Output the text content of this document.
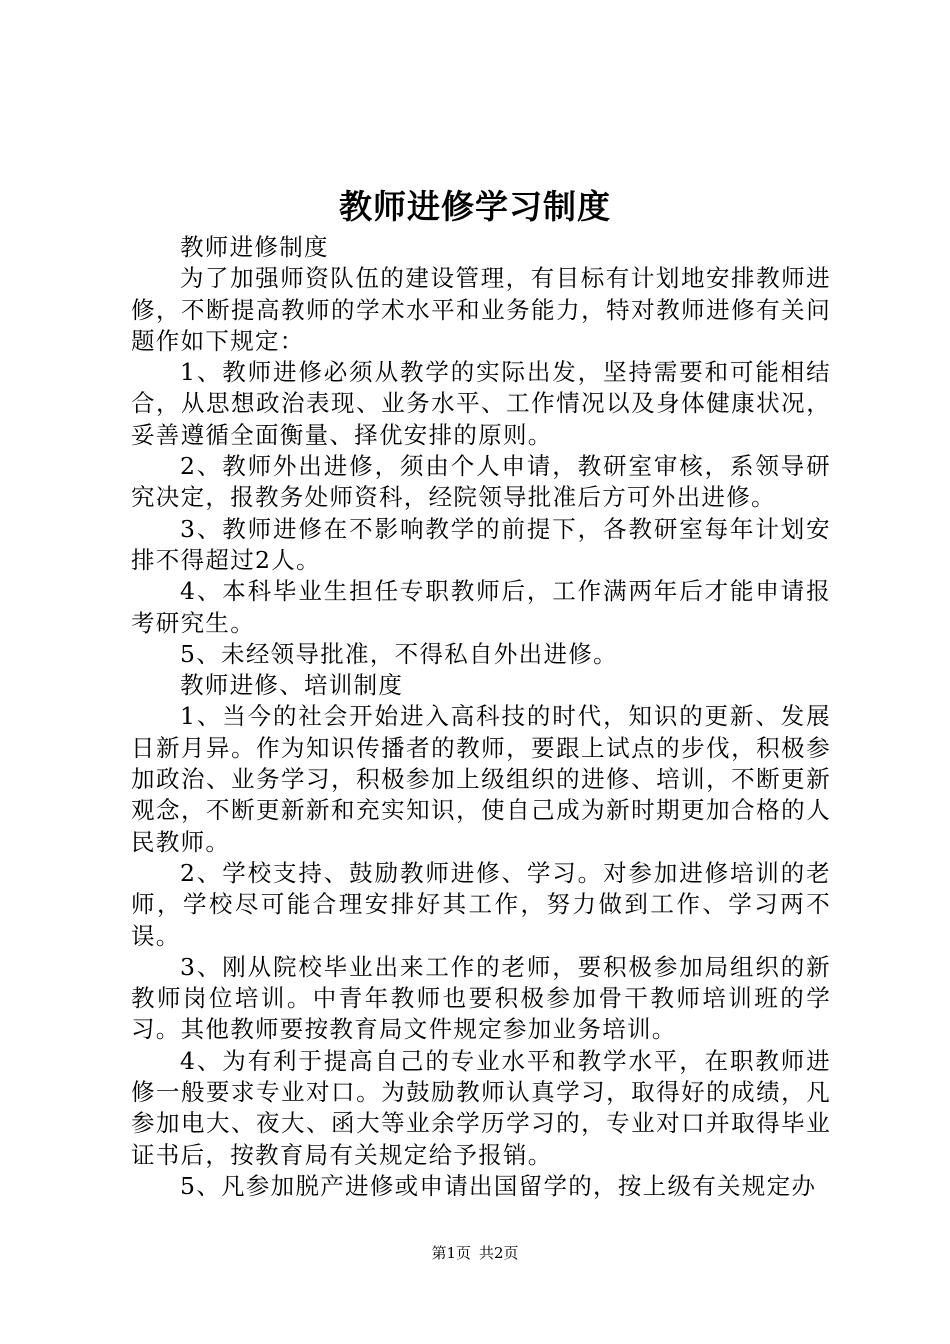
教师进修学习制度

教师进修制度

为了加强师资队伍的建设管理，有目标有计划地安排教师进修，不断提高教师的学术水平和业务能力，特对教师进修有关问题作如下规定：

1、教师进修必须从教学的实际出发，坚持需要和可能相结合，从思想政治表现、业务水平、工作情况以及身体健康状况，妥善遵循全面衡量、择优安排的原则。

2、教师外出进修，须由个人申请，教研室审核，系领导研究决定，报教务处师资科，经院领导批准后方可外出进修。

3、教师进修在不影响教学的前提下，各教研室每年计划安排不得超过2人。

4、本科毕业生担任专职教师后，工作满两年后才能申请报考研究生。

5、未经领导批准，不得私自外出进修。

教师进修、培训制度

1、当今的社会开始进入高科技的时代，知识的更新、发展日新月异。作为知识传播者的教师，要跟上试点的步伐，积极参加政治、业务学习，积极参加上级组织的进修、培训，不断更新观念，不断更新新和充实知识，使自己成为新时期更加合格的人民教师。

2、学校支持、鼓励教师进修、学习。对参加进修培训的老师，学校尽可能合理安排好其工作，努力做到工作、学习两不误。

3、刚从院校毕业出来工作的老师，要积极参加局组织的新教师岗位培训。中青年教师也要积极参加骨干教师培训班的学习。其他教师要按教育局文件规定参加业务培训。

4、为有利于提高自己的专业水平和教学水平，在职教师进修一般要求专业对口。为鼓励教师认真学习，取得好的成绩，凡参加电大、夜大、函大等业余学历学习的，专业对口并取得毕业证书后，按教育局有关规定给予报销。

5、凡参加脱产进修或申请出国留学的，按上级有关规定办

第1页 共2页
